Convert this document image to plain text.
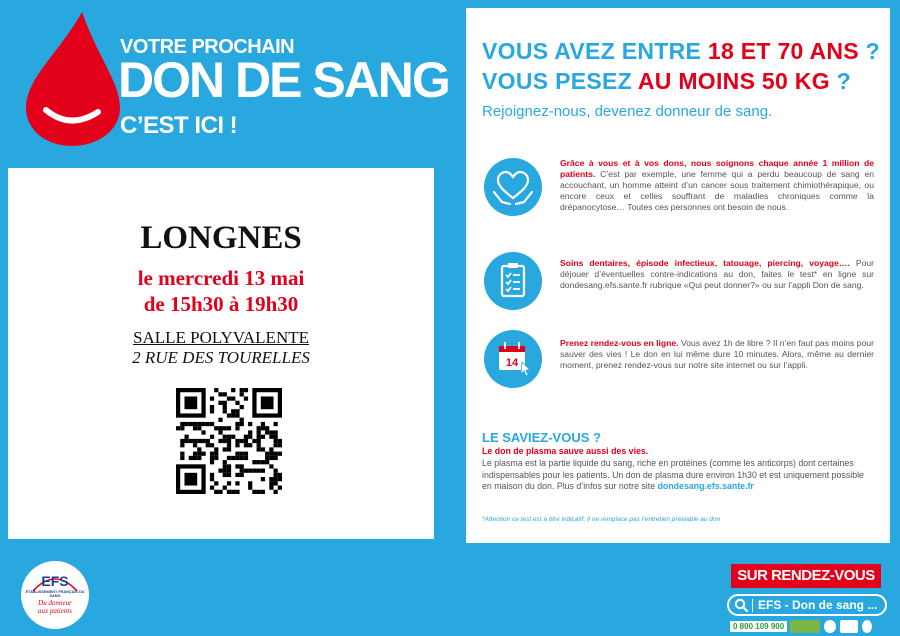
VOTRE PROCHAIN
DON DE SANG
C’EST ICI !
LONGNES
le mercredi 13 mai
de 15h30 à 19h30
SALLE POLYVALENTE
2 RUE DES TOURELLES
VOUS AVEZ ENTRE 18 ET 70 ANS ?
VOUS PESEZ AU MOINS 50 KG ?
Rejoignez-nous, devenez donneur de sang.
Grâce à vous et à vos dons, nous soignons chaque année 1 million de patients. C’est par exemple, une femme qui a perdu beaucoup de sang en accouchant, un homme atteint d’un cancer sous traitement chimiothérapique, ou encore ceux et celles souffrant de maladies chroniques comme la drépanocytose… Toutes ces personnes ont besoin de nous.
Soins dentaires, épisode infectieux, tatouage, piercing, voyage…. Pour déjouer d’éventuelles contre-indications au don, faites le test* en ligne sur dondesang.efs.sante.fr rubrique «Qui peut donner?» ou sur l’appli Don de sang.
14
Prenez rendez-vous en ligne. Vous avez 1h de libre ? Il n’en faut pas moins pour sauver des vies ! Le don en lui même dure 10 minutes. Alors, même au dernier moment, prenez rendez-vous sur notre site internet ou sur l’appli.
LE SAVIEZ-VOUS ?
Le don de plasma sauve aussi des vies.
Le plasma est la partie liquide du sang, riche en protéines (comme les anticorps) dont certaines indispensables pour les patients. Un don de plasma dure environ 1h30 et est uniquement possible en maison du don. Plus d’infos sur notre site dondesang.efs.sante.fr
*Attention ce test est à titre indicatif, il ne remplace pas l’entretien préalable au don
EFS
ÉTABLISSEMENT FRANÇAIS DU SANG
Du donneur
aux patients
SUR RENDEZ-VOUS
EFS - Don de sang ...
0 800 109 900
